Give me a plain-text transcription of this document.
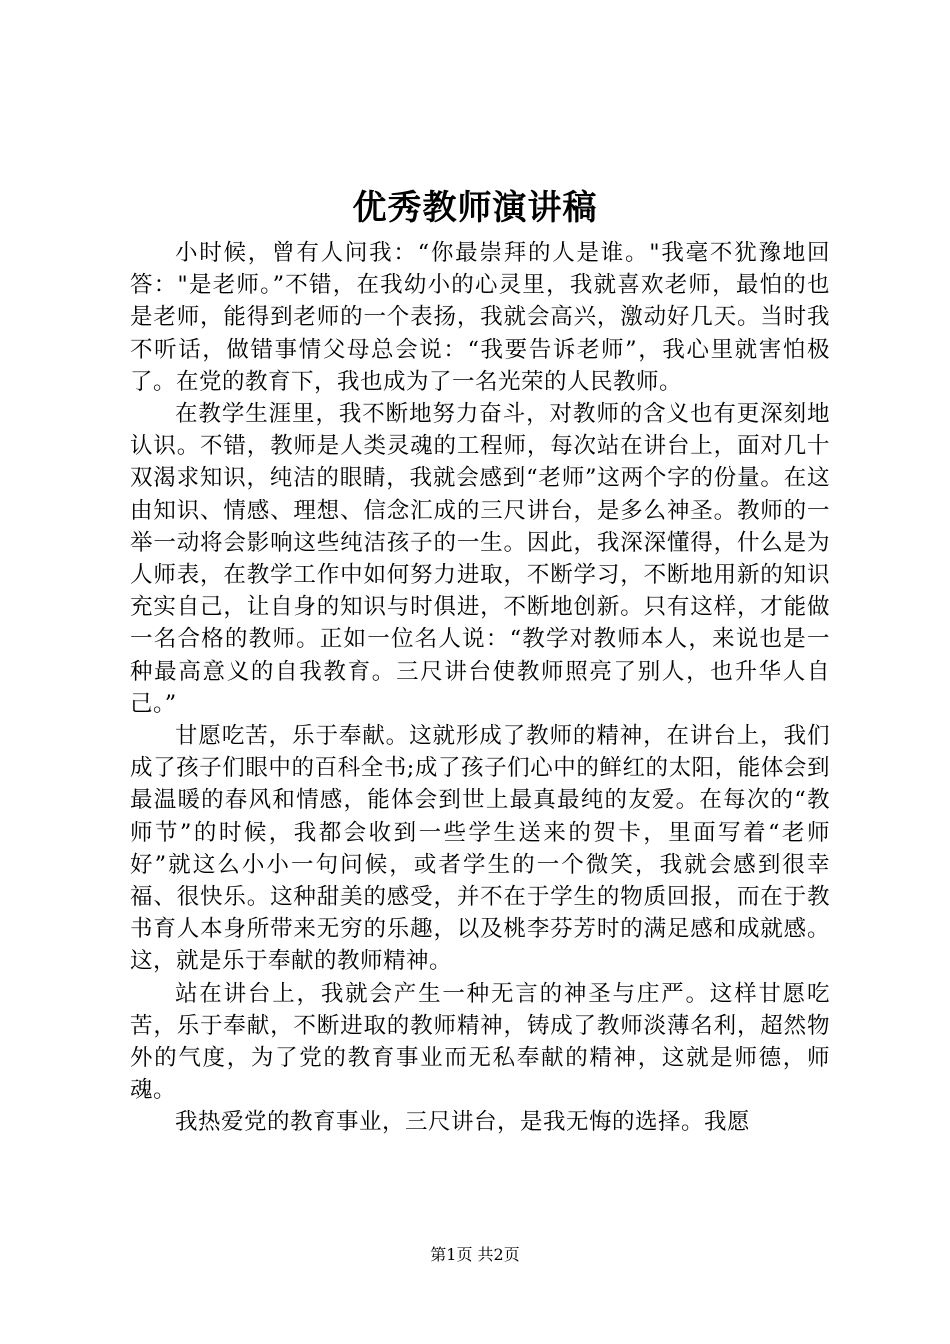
优秀教师演讲稿

小时候，曾有人问我：“你最崇拜的人是谁。"我毫不犹豫地回答："是老师。”不错，在我幼小的心灵里，我就喜欢老师，最怕的也是老师，能得到老师的一个表扬，我就会高兴，激动好几天。当时我不听话，做错事情父母总会说：“我要告诉老师”，我心里就害怕极了。在党的教育下，我也成为了一名光荣的人民教师。

在教学生涯里，我不断地努力奋斗，对教师的含义也有更深刻地认识。不错，教师是人类灵魂的工程师，每次站在讲台上，面对几十双渴求知识，纯洁的眼睛，我就会感到“老师”这两个字的份量。在这由知识、情感、理想、信念汇成的三尺讲台，是多么神圣。教师的一举一动将会影响这些纯洁孩子的一生。因此，我深深懂得，什么是为人师表，在教学工作中如何努力进取，不断学习，不断地用新的知识充实自己，让自身的知识与时俱进，不断地创新。只有这样，才能做一名合格的教师。正如一位名人说：“教学对教师本人，来说也是一种最高意义的自我教育。三尺讲台使教师照亮了别人，也升华人自己。”

甘愿吃苦，乐于奉献。这就形成了教师的精神，在讲台上，我们成了孩子们眼中的百科全书;成了孩子们心中的鲜红的太阳，能体会到最温暖的春风和情感，能体会到世上最真最纯的友爱。在每次的“教师节”的时候，我都会收到一些学生送来的贺卡，里面写着“老师好”就这么小小一句问候，或者学生的一个微笑，我就会感到很幸福、很快乐。这种甜美的感受，并不在于学生的物质回报，而在于教书育人本身所带来无穷的乐趣，以及桃李芬芳时的满足感和成就感。这，就是乐于奉献的教师精神。

站在讲台上，我就会产生一种无言的神圣与庄严。这样甘愿吃苦，乐于奉献，不断进取的教师精神，铸成了教师淡薄名利，超然物外的气度，为了党的教育事业而无私奉献的精神，这就是师德，师魂。

我热爱党的教育事业，三尺讲台，是我无悔的选择。我愿

第1页 共2页
